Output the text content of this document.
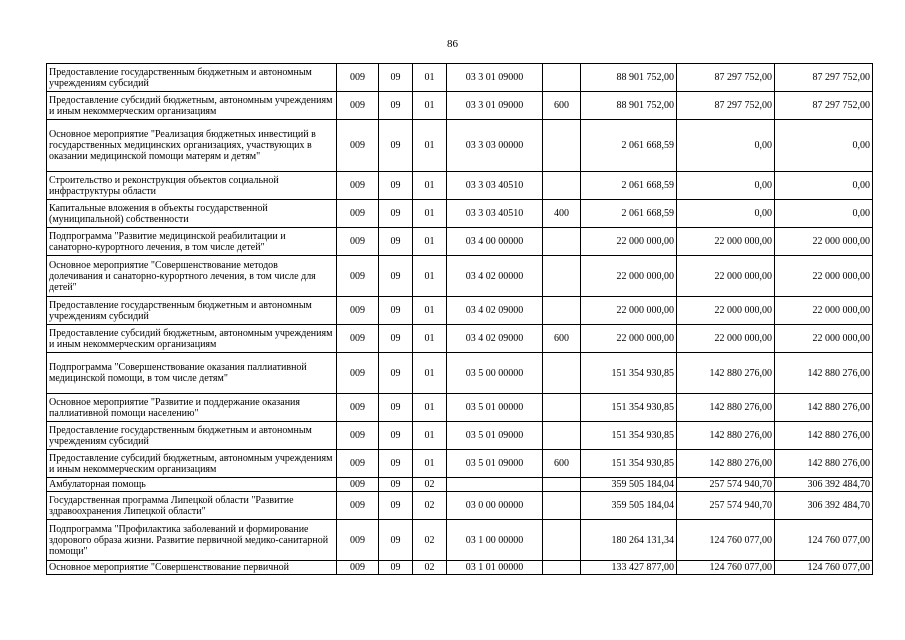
86
Предоставление государственным бюджетным и автономным учреждениям субсидий	009	09	01	03 3 01 09000		88 901 752,00	87 297 752,00	87 297 752,00
Предоставление субсидий бюджетным, автономным учреждениям и иным некоммерческим организациям	009	09	01	03 3 01 09000	600	88 901 752,00	87 297 752,00	87 297 752,00
Основное мероприятие "Реализация бюджетных инвестиций в государственных медицинских организациях, участвующих в оказании медицинской помощи матерям и детям"	009	09	01	03 3 03 00000		2 061 668,59	0,00	0,00
Строительство и реконструкция объектов социальной инфраструктуры области	009	09	01	03 3 03 40510		2 061 668,59	0,00	0,00
Капитальные вложения в объекты государственной (муниципальной) собственности	009	09	01	03 3 03 40510	400	2 061 668,59	0,00	0,00
Подпрограмма "Развитие медицинской реабилитации и санаторно-курортного лечения, в том числе детей"	009	09	01	03 4 00 00000		22 000 000,00	22 000 000,00	22 000 000,00
Основное мероприятие "Совершенствование методов долечивания и санаторно-курортного лечения, в том числе для детей"	009	09	01	03 4 02 00000		22 000 000,00	22 000 000,00	22 000 000,00
Предоставление государственным бюджетным и автономным учреждениям субсидий	009	09	01	03 4 02 09000		22 000 000,00	22 000 000,00	22 000 000,00
Предоставление субсидий бюджетным, автономным учреждениям и иным некоммерческим организациям	009	09	01	03 4 02 09000	600	22 000 000,00	22 000 000,00	22 000 000,00
Подпрограмма "Совершенствование оказания паллиативной медицинской помощи, в том числе детям"	009	09	01	03 5 00 00000		151 354 930,85	142 880 276,00	142 880 276,00
Основное мероприятие "Развитие и поддержание оказания паллиативной помощи населению"	009	09	01	03 5 01 00000		151 354 930,85	142 880 276,00	142 880 276,00
Предоставление государственным бюджетным и автономным учреждениям субсидий	009	09	01	03 5 01 09000		151 354 930,85	142 880 276,00	142 880 276,00
Предоставление субсидий бюджетным, автономным учреждениям и иным некоммерческим организациям	009	09	01	03 5 01 09000	600	151 354 930,85	142 880 276,00	142 880 276,00
Амбулаторная помощь	009	09	02			359 505 184,04	257 574 940,70	306 392 484,70
Государственная программа Липецкой области "Развитие здравоохранения Липецкой области"	009	09	02	03 0 00 00000		359 505 184,04	257 574 940,70	306 392 484,70
Подпрограмма "Профилактика заболеваний и формирование здорового образа жизни. Развитие первичной медико-санитарной помощи"	009	09	02	03 1 00 00000		180 264 131,34	124 760 077,00	124 760 077,00
Основное мероприятие "Совершенствование первичной	009	09	02	03 1 01 00000		133 427 877,00	124 760 077,00	124 760 077,00
